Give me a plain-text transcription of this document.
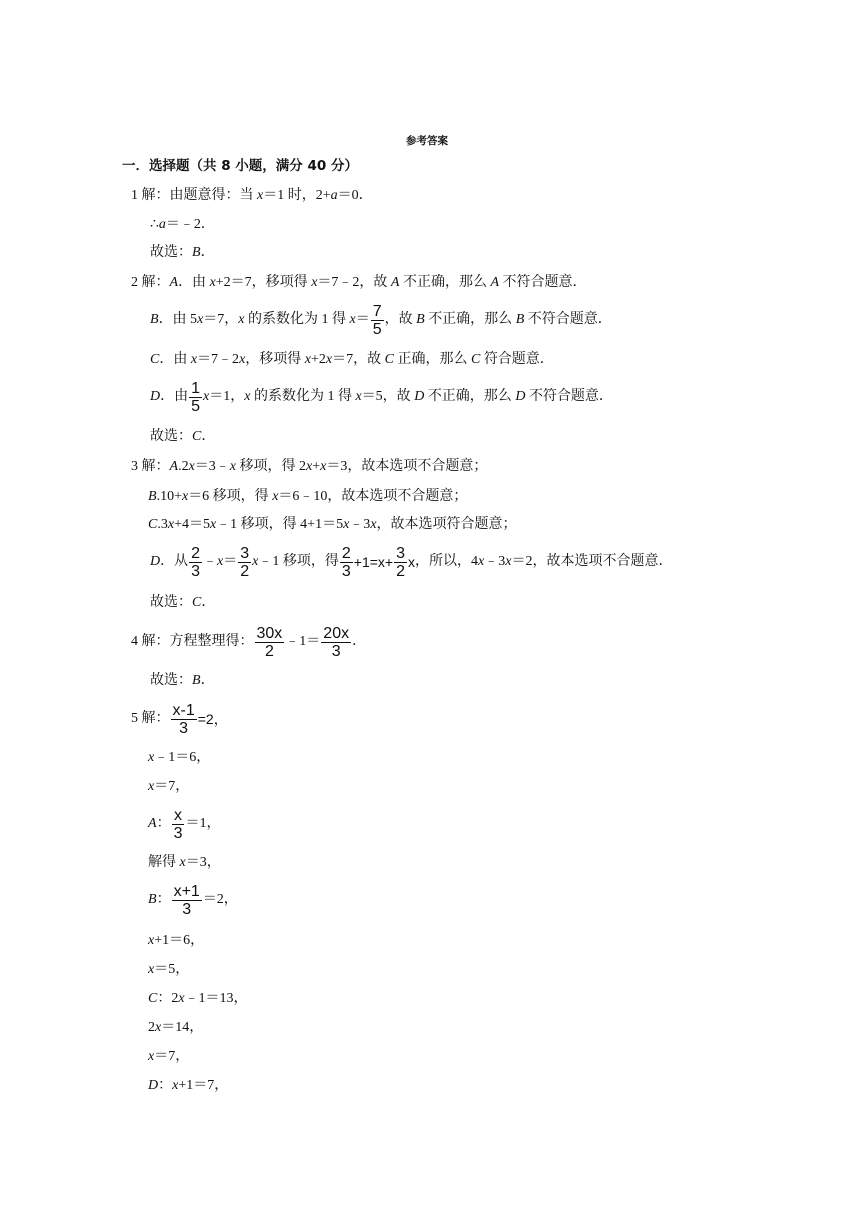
参考答案
一．选择题（共 8 小题，满分 40 分）
1 解：由题意得：当 x＝1 时，2+a＝0．
∴a＝﹣2．
故选：B．
2 解：A．由 x+2＝7，移项得 x＝7﹣2，故 A 不正确，那么 A 不符合题意．
B．由 5x＝7，x 的系数化为 1 得 $x= \frac{7}{5}$ ，故 B 不正确，那么 B 不符合题意．
C．由 x＝7﹣2x，移项得 x+2x＝7，故 C 正确，那么 C 符合题意．
D．由 $\frac{1}{5} x=1$，x 的系数化为 1 得 x＝5，故 D 不正确，那么 D 不符合题意．
故选：C．
3 解：A.2x＝3﹣x 移项，得 2x+x＝3，故本选项不合题意；
B.10+x＝6 移项，得 x＝6﹣10，故本选项不合题意；
C.3x+4＝5x﹣1 移项，得 4+1＝5x﹣3x，故本选项符合题意；
D．从 $\frac{2}{3}$ ﹣x＝ $\frac{3}{2}$ x﹣1 移项，得 $\frac{2}{3} +1=x+ \frac{3}{2}$ x ，所以，4x﹣3x＝2，故本选项不合题意．
故选：C．
4 解：方程整理得： $\frac{30x}{2}$ ﹣1＝ $\frac{20x}{3}$ ．
故选：B．
5 解： $\frac{x-1}{3} =2$，
x﹣1＝6，
x＝7，
A： $\frac{x}{3} =1$，
解得 x＝3，
B： $\frac{x+1}{3} =2$，
x+1＝6，
x＝5，
C：2x﹣1＝13，
2x＝14，
x＝7，
D：x+1＝7，
